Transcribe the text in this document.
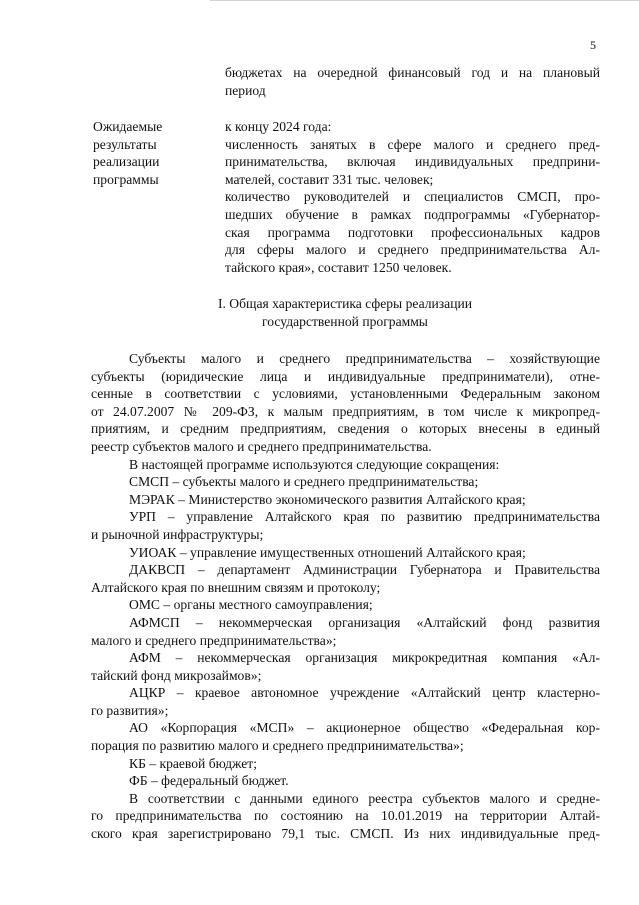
5
бюджетах на очередной финансовый год и на плановый
период
Ожидаемые
результаты
реализации
программы
к концу 2024 года:
численность занятых в сфере малого и среднего пред-
принимательства, включая индивидуальных предприни-
мателей, составит 331 тыс. человек;
количество руководителей и специалистов СМСП, про-
шедших обучение в рамках подпрограммы «Губернатор-
ская программа подготовки профессиональных кадров
для сферы малого и среднего предпринимательства Ал-
тайского края», составит 1250 человек.
I. Общая характеристика сферы реализации
государственной программы
Субъекты малого и среднего предпринимательства – хозяйствующие
субъекты (юридические лица и индивидуальные предприниматели), отне-
сенные в соответствии с условиями, установленными Федеральным законом
от 24.07.2007 № 209-ФЗ, к малым предприятиям, в том числе к микропред-
приятиям, и средним предприятиям, сведения о которых внесены в единый
реестр субъектов малого и среднего предпринимательства.
В настоящей программе используются следующие сокращения:
СМСП – субъекты малого и среднего предпринимательства;
МЭРАК – Министерство экономического развития Алтайского края;
УРП – управление Алтайского края по развитию предпринимательства
и рыночной инфраструктуры;
УИОАК – управление имущественных отношений Алтайского края;
ДАКВСП – департамент Администрации Губернатора и Правительства
Алтайского края по внешним связям и протоколу;
ОМС – органы местного самоуправления;
АФМСП – некоммерческая организация «Алтайский фонд развития
малого и среднего предпринимательства»;
АФМ – некоммерческая организация микрокредитная компания «Ал-
тайский фонд микрозаймов»;
АЦКР – краевое автономное учреждение «Алтайский центр кластерно-
го развития»;
АО «Корпорация «МСП» – акционерное общество «Федеральная кор-
порация по развитию малого и среднего предпринимательства»;
КБ – краевой бюджет;
ФБ – федеральный бюджет.
В соответствии с данными единого реестра субъектов малого и средне-
го предпринимательства по состоянию на 10.01.2019 на территории Алтай-
ского края зарегистрировано 79,1 тыс. СМСП. Из них индивидуальные пред-
